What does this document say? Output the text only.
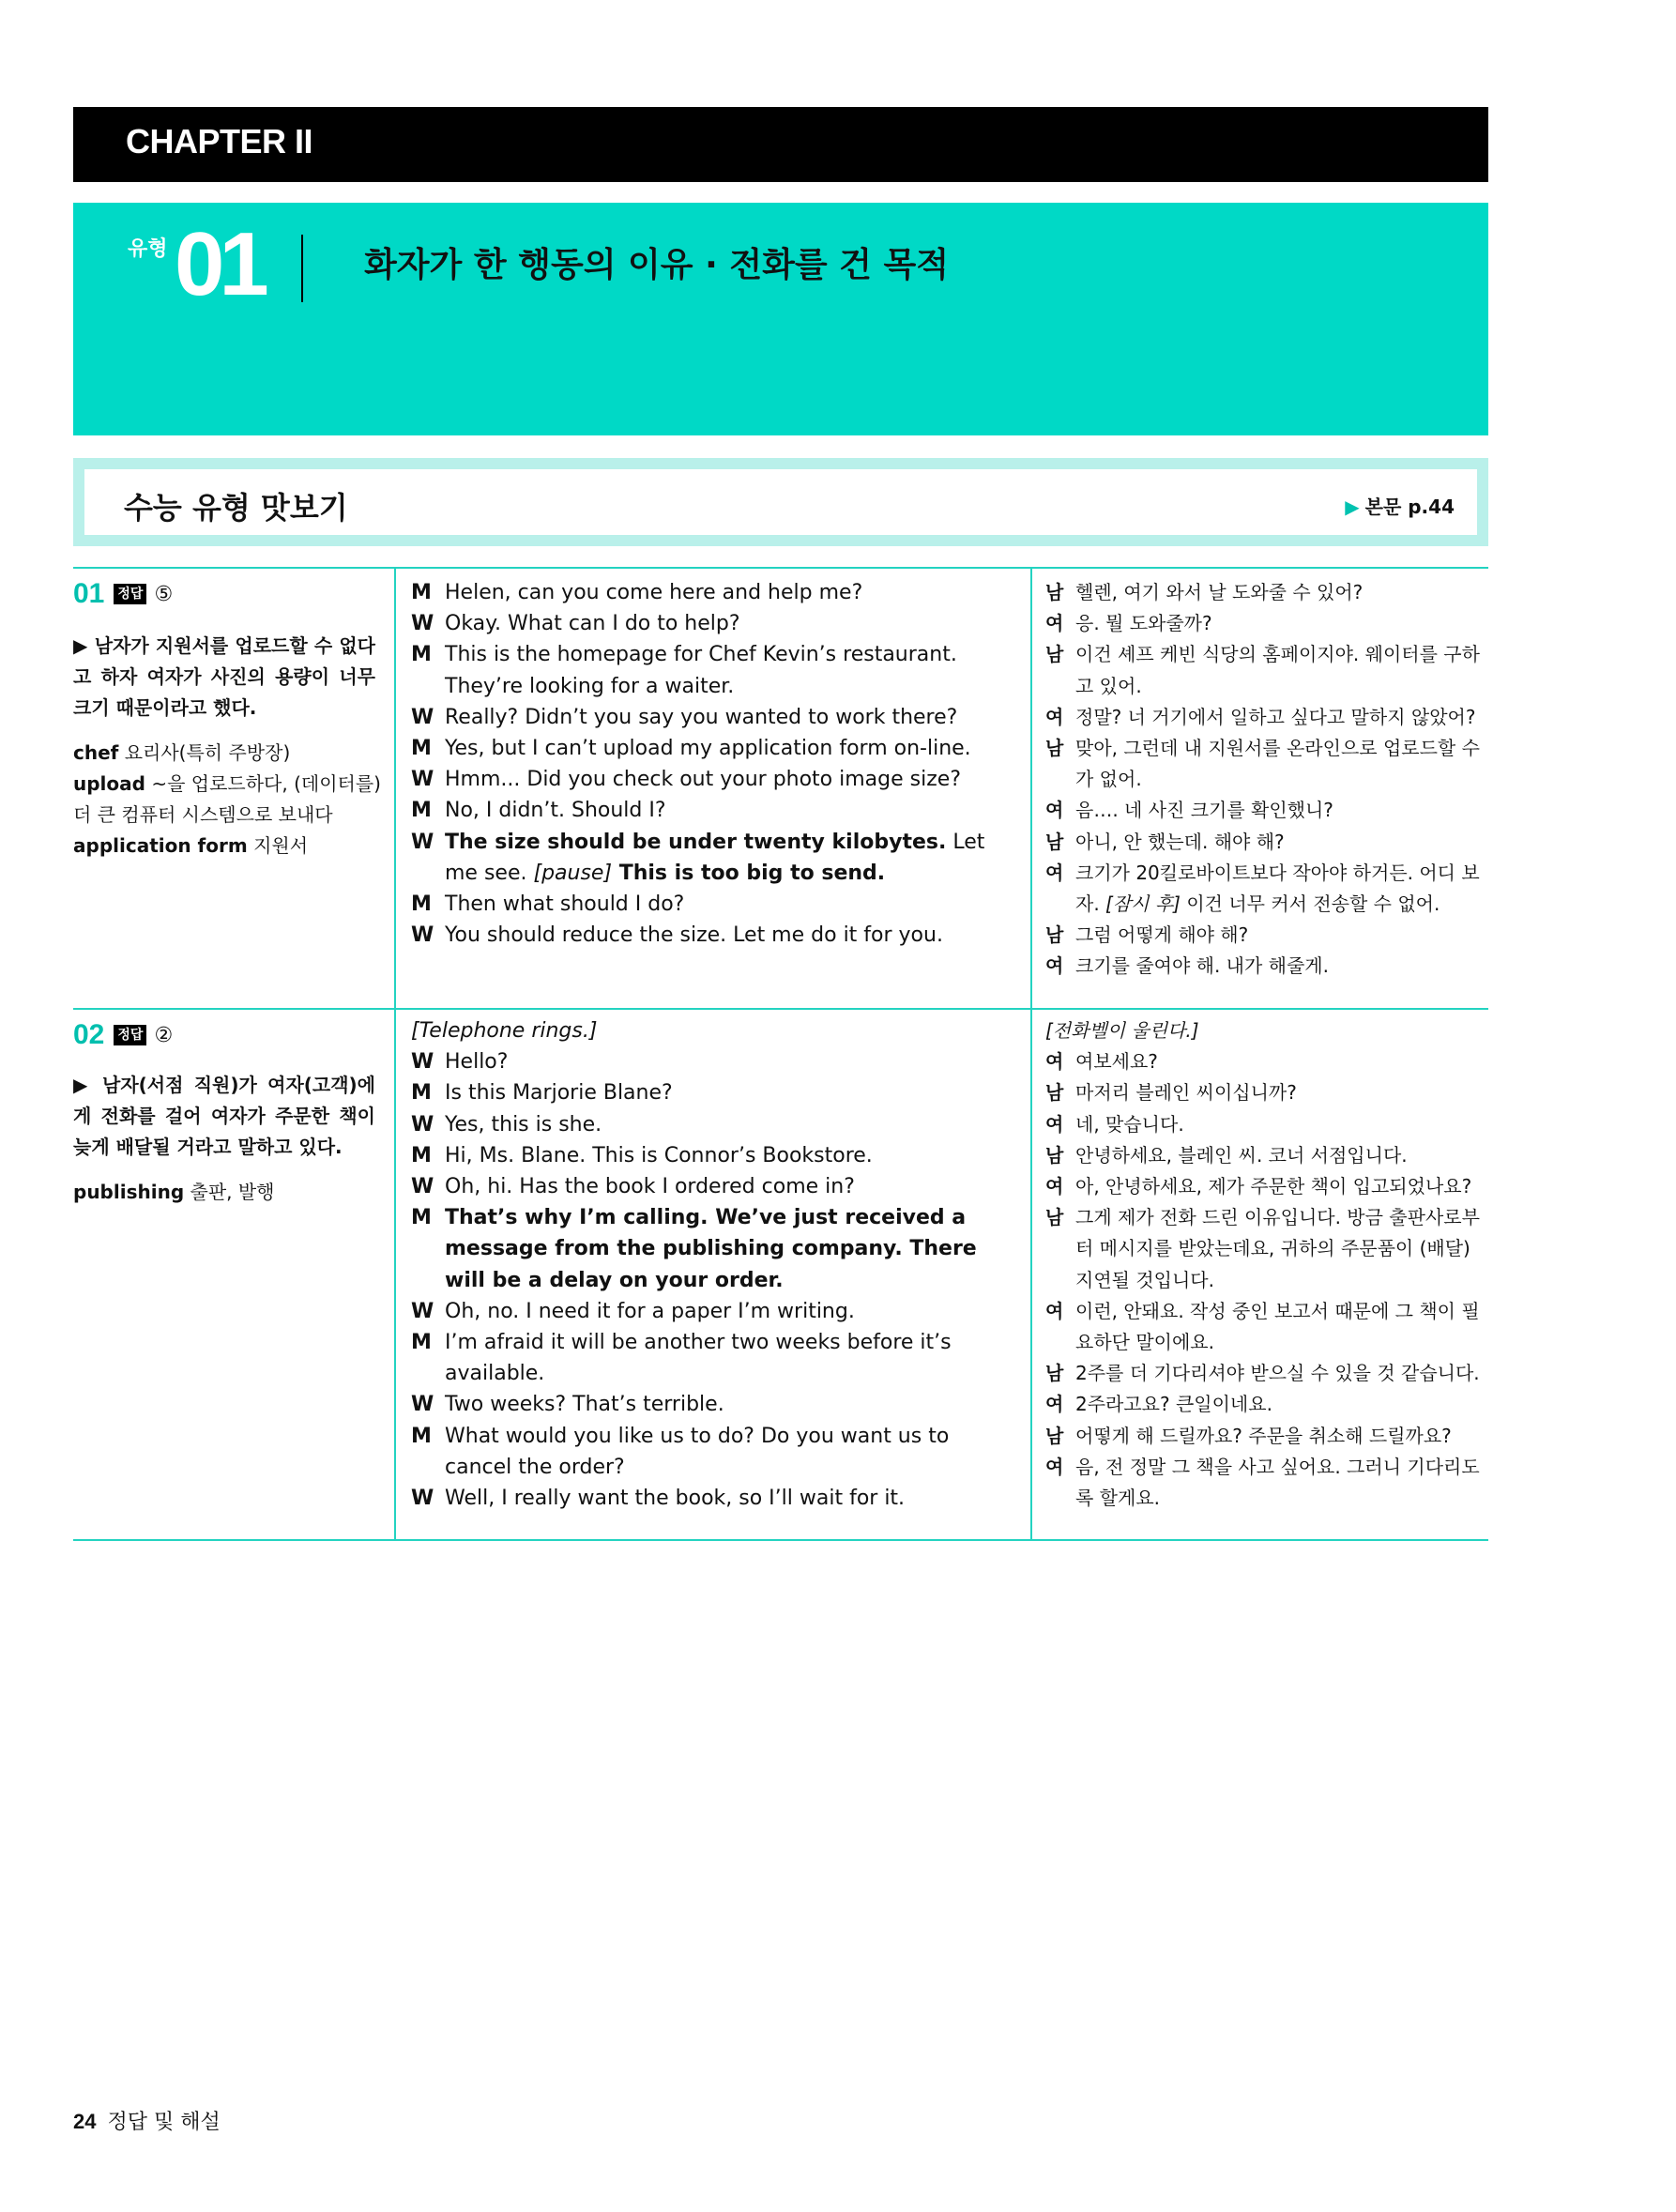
CHAPTER II
유형 01	화자가 한 행동의 이유 · 전화를 건 목적
수능 유형 맛보기	▶ 본문 p.44
01 정답 ⑤
▶ 남자가 지원서를 업로드할 수 없다고 하자 여자가 사진의 용량이 너무 크기 때문이라고 했다.
chef 요리사(특히 주방장)
upload ~을 업로드하다, (데이터를) 더 큰 컴퓨터 시스템으로 보내다
application form 지원서
M Helen, can you come here and help me?
W Okay. What can I do to help?
M This is the homepage for Chef Kevin’s restaurant. They’re looking for a waiter.
W Really? Didn’t you say you wanted to work there?
M Yes, but I can’t upload my application form on-line.
W Hmm... Did you check out your photo image size?
M No, I didn’t. Should I?
W The size should be under twenty kilobytes. Let me see. [pause] This is too big to send.
M Then what should I do?
W You should reduce the size. Let me do it for you.
남 헬렌, 여기 와서 날 도와줄 수 있어?
여 응. 뭘 도와줄까?
남 이건 셰프 케빈 식당의 홈페이지야. 웨이터를 구하고 있어.
여 정말? 너 거기에서 일하고 싶다고 말하지 않았어?
남 맞아, 그런데 내 지원서를 온라인으로 업로드할 수가 없어.
여 음…. 네 사진 크기를 확인했니?
남 아니, 안 했는데. 해야 해?
여 크기가 20킬로바이트보다 작아야 하거든. 어디 보자. [잠시 후] 이건 너무 커서 전송할 수 없어.
남 그럼 어떻게 해야 해?
여 크기를 줄여야 해. 내가 해줄게.
02 정답 ②
▶ 남자(서점 직원)가 여자(고객)에게 전화를 걸어 여자가 주문한 책이 늦게 배달될 거라고 말하고 있다.
publishing 출판, 발행
[Telephone rings.]
W Hello?
M Is this Marjorie Blane?
W Yes, this is she.
M Hi, Ms. Blane. This is Connor’s Bookstore.
W Oh, hi. Has the book I ordered come in?
M That’s why I’m calling. We’ve just received a message from the publishing company. There will be a delay on your order.
W Oh, no. I need it for a paper I’m writing.
M I’m afraid it will be another two weeks before it’s available.
W Two weeks? That’s terrible.
M What would you like us to do? Do you want us to cancel the order?
W Well, I really want the book, so I’ll wait for it.
[전화벨이 울린다.]
여 여보세요?
남 마저리 블레인 씨이십니까?
여 네, 맞습니다.
남 안녕하세요, 블레인 씨. 코너 서점입니다.
여 아, 안녕하세요, 제가 주문한 책이 입고되었나요?
남 그게 제가 전화 드린 이유입니다. 방금 출판사로부터 메시지를 받았는데요, 귀하의 주문품이 (배달) 지연될 것입니다.
여 이런, 안돼요. 작성 중인 보고서 때문에 그 책이 필요하단 말이에요.
남 2주를 더 기다리셔야 받으실 수 있을 것 같습니다.
여 2주라고요? 큰일이네요.
남 어떻게 해 드릴까요? 주문을 취소해 드릴까요?
여 음, 전 정말 그 책을 사고 싶어요. 그러니 기다리도록 할게요.
24 정답 및 해설
